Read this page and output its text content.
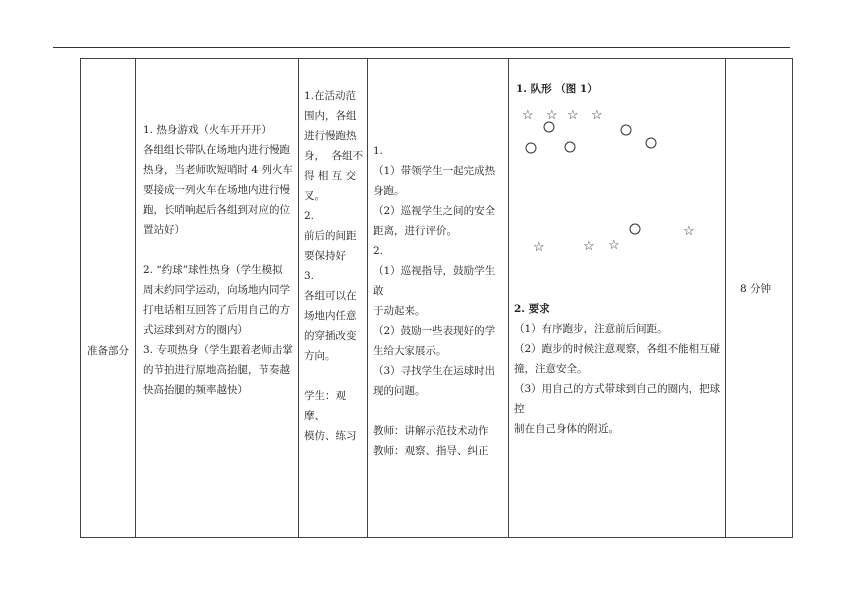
准备部分

1. 热身游戏（火车开开开）
各组组长带队在场地内进行慢跑
热身，当老师吹短哨时 4 列火车
要接成一列火车在场地内进行慢
跑，长哨响起后各组到对应的位
置站好）
2. “约球”球性热身（学生模拟
周末约同学运动，向场地内同学
打电话相互回答了后用自己的方
式运球到对方的圈内）
3. 专项热身（学生跟着老师击掌
的节拍进行原地高抬腿，节奏越
快高抬腿的频率越快）

1.在活动范
围内，各组
进行慢跑热
身，  各组不
得 相 互 交
叉。
2.
前后的间距
要保持好
3.
各组可以在
场地内任意
的穿插改变
方向。
学生：观摩、
模仿、练习

1.
（1）带领学生一起完成热
身跑。
（2）巡视学生之间的安全
距离，进行评价。
2.
（1）巡视指导，鼓励学生敢
于动起来。
（2）鼓励一些表现好的学
生给大家展示。
（3）寻找学生在运球时出
现的问题。
教师：讲解示范技术动作
教师：观察、指导、纠正

1. 队形 （图 1）
☆ ☆ ☆ ☆
☆
☆	☆ ☆
2. 要求
（1）有序跑步，注意前后间距。
（2）跑步的时候注意观察，各组不能相互碰
撞，注意安全。
（3）用自己的方式带球到自己的圈内，把球控
制在自己身体的附近。

8 分钟
